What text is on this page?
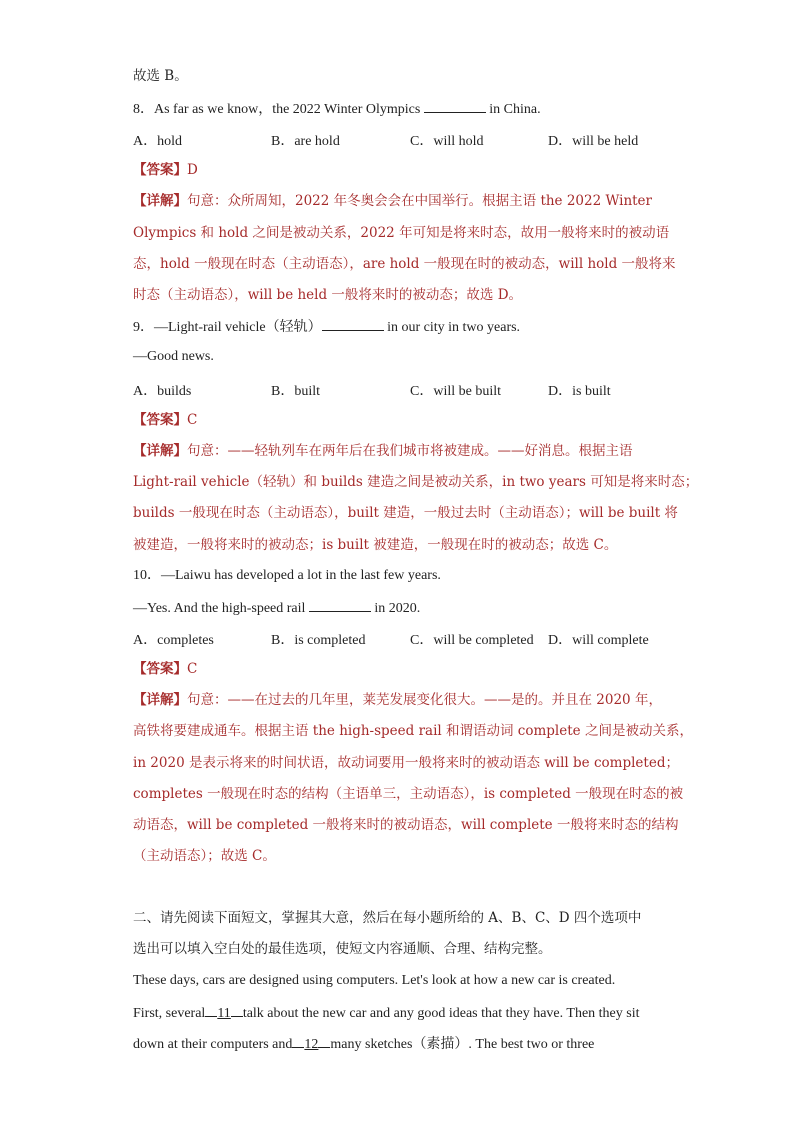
故选 B。
8．As far as we know，the 2022 Winter Olympics	in China.
A．hold	B．are hold	C．will hold	D．will be held
【答案】D
【详解】句意：众所周知，2022 年冬奥会会在中国举行。根据主语 the 2022 Winter
Olympics 和 hold 之间是被动关系，2022 年可知是将来时态，故用一般将来时的被动语
态，hold 一般现在时态（主动语态），are hold 一般现在时的被动态，will hold 一般将来
时态（主动语态），will be held 一般将来时的被动态；故选 D。
9．—Light-rail vehicle（轻轨）	in our city in two years.
—Good news.
A．builds	B．built	C．will be built	D．is built
【答案】C
【详解】句意：——轻轨列车在两年后在我们城市将被建成。——好消息。根据主语
Light-rail vehicle（轻轨）和 builds 建造之间是被动关系，in two years 可知是将来时态；
builds 一般现在时态（主动语态），built 建造，一般过去时（主动语态）；will be built 将
被建造，一般将来时的被动态；is built 被建造，一般现在时的被动态；故选 C。
10．—Laiwu has developed a lot in the last few years.
—Yes. And the high-speed rail	in 2020.
A．completes	B．is completed	C．will be completed D．will complete
【答案】C
【详解】句意：——在过去的几年里，莱芜发展变化很大。——是的。并且在 2020 年，
高铁将要建成通车。根据主语 the high-speed rail 和谓语动词 complete 之间是被动关系，
in 2020 是表示将来的时间状语，故动词要用一般将来时的被动语态 will be completed；
completes 一般现在时态的结构（主语单三，主动语态），is completed 一般现在时态的被
动语态，will be completed 一般将来时的被动语态，will complete 一般将来时态的结构
（主动语态）；故选 C。
二、请先阅读下面短文，掌握其大意，然后在每小题所给的 A、B、C、D 四个选项中
选出可以填入空白处的最佳选项，使短文内容通顺、合理、结构完整。
These days, cars are designed using computers. Let's look at how a new car is created.
First, several 11 talk about the new car and any good ideas that they have. Then they sit
down at their computers and 12 many sketches（素描）. The best two or three
